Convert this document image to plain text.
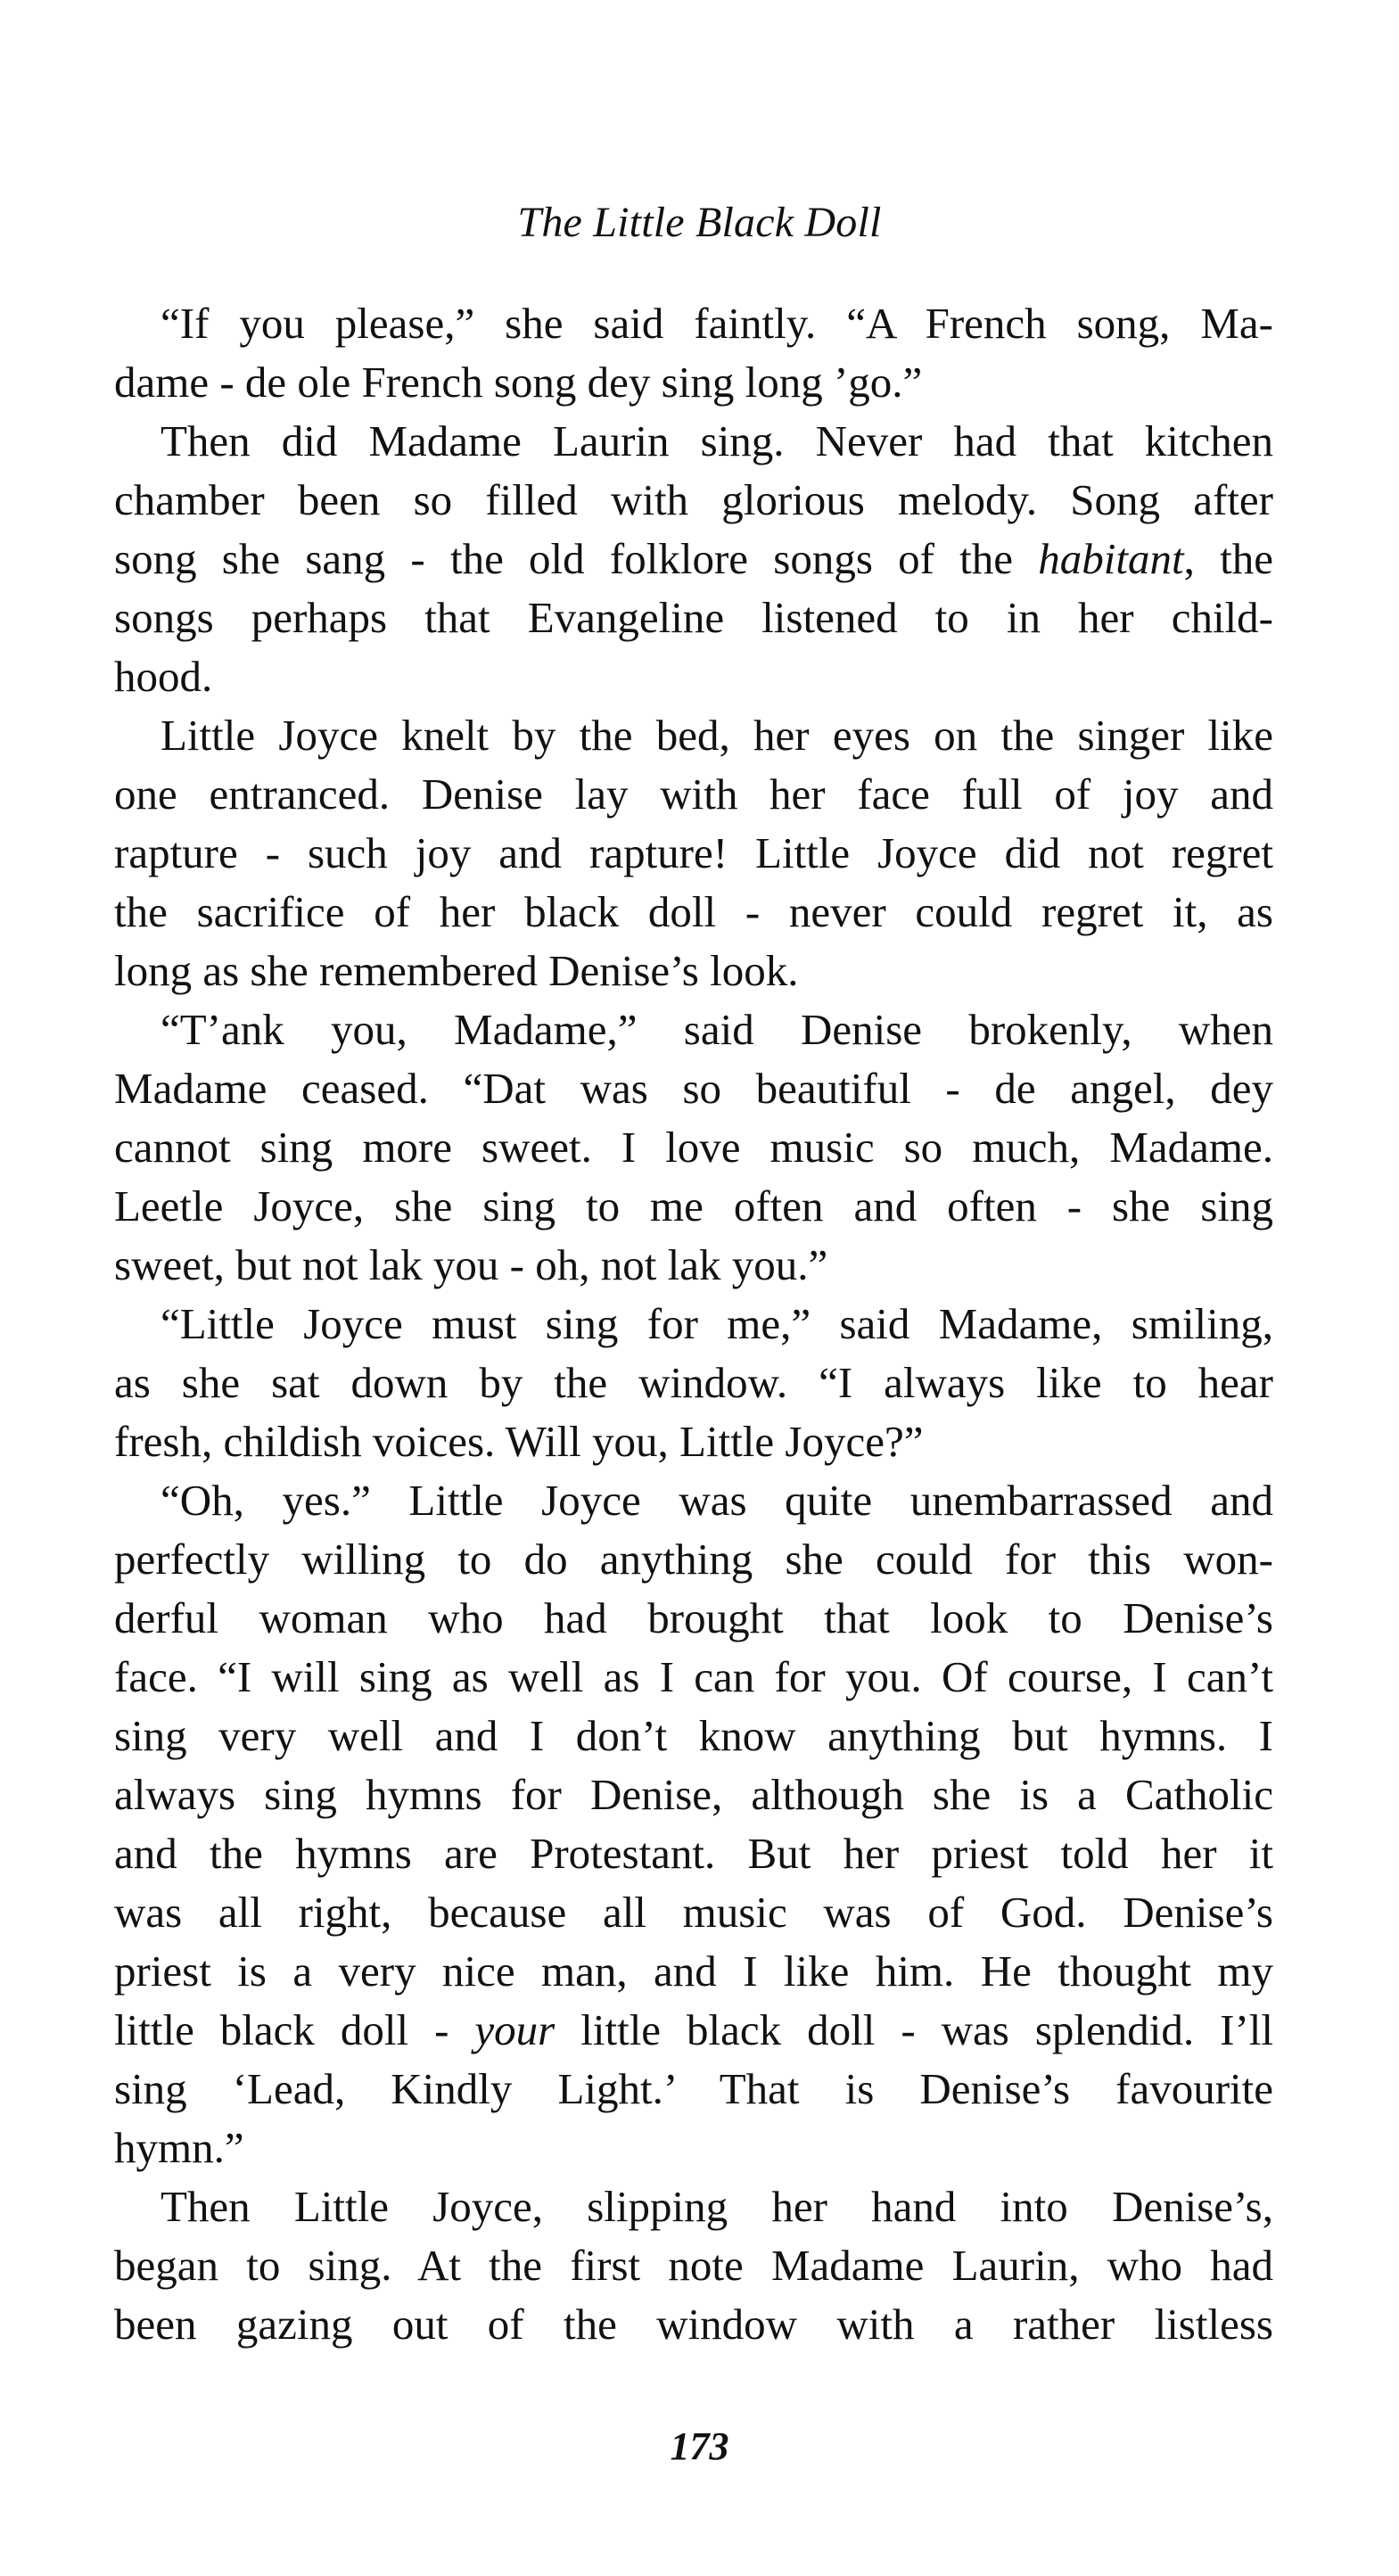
The Little Black Doll
“If you please,” she said faintly. “A French song, Ma-
dame - de ole French song dey sing long ’go.”
Then did Madame Laurin sing. Never had that kitchen
chamber been so filled with glorious melody. Song after
song she sang - the old folklore songs of the habitant, the
songs perhaps that Evangeline listened to in her child-
hood.
Little Joyce knelt by the bed, her eyes on the singer like
one entranced. Denise lay with her face full of joy and
rapture - such joy and rapture! Little Joyce did not regret
the sacrifice of her black doll - never could regret it, as
long as she remembered Denise’s look.
“T’ank you, Madame,” said Denise brokenly, when
Madame ceased. “Dat was so beautiful - de angel, dey
cannot sing more sweet. I love music so much, Madame.
Leetle Joyce, she sing to me often and often - she sing
sweet, but not lak you - oh, not lak you.”
“Little Joyce must sing for me,” said Madame, smiling,
as she sat down by the window. “I always like to hear
fresh, childish voices. Will you, Little Joyce?”
“Oh, yes.” Little Joyce was quite unembarrassed and
perfectly willing to do anything she could for this won-
derful woman who had brought that look to Denise’s
face. “I will sing as well as I can for you. Of course, I can’t
sing very well and I don’t know anything but hymns. I
always sing hymns for Denise, although she is a Catholic
and the hymns are Protestant. But her priest told her it
was all right, because all music was of God. Denise’s
priest is a very nice man, and I like him. He thought my
little black doll - your little black doll - was splendid. I’ll
sing ‘Lead, Kindly Light.’ That is Denise’s favourite
hymn.”
Then Little Joyce, slipping her hand into Denise’s,
began to sing. At the first note Madame Laurin, who had
been gazing out of the window with a rather listless
173
